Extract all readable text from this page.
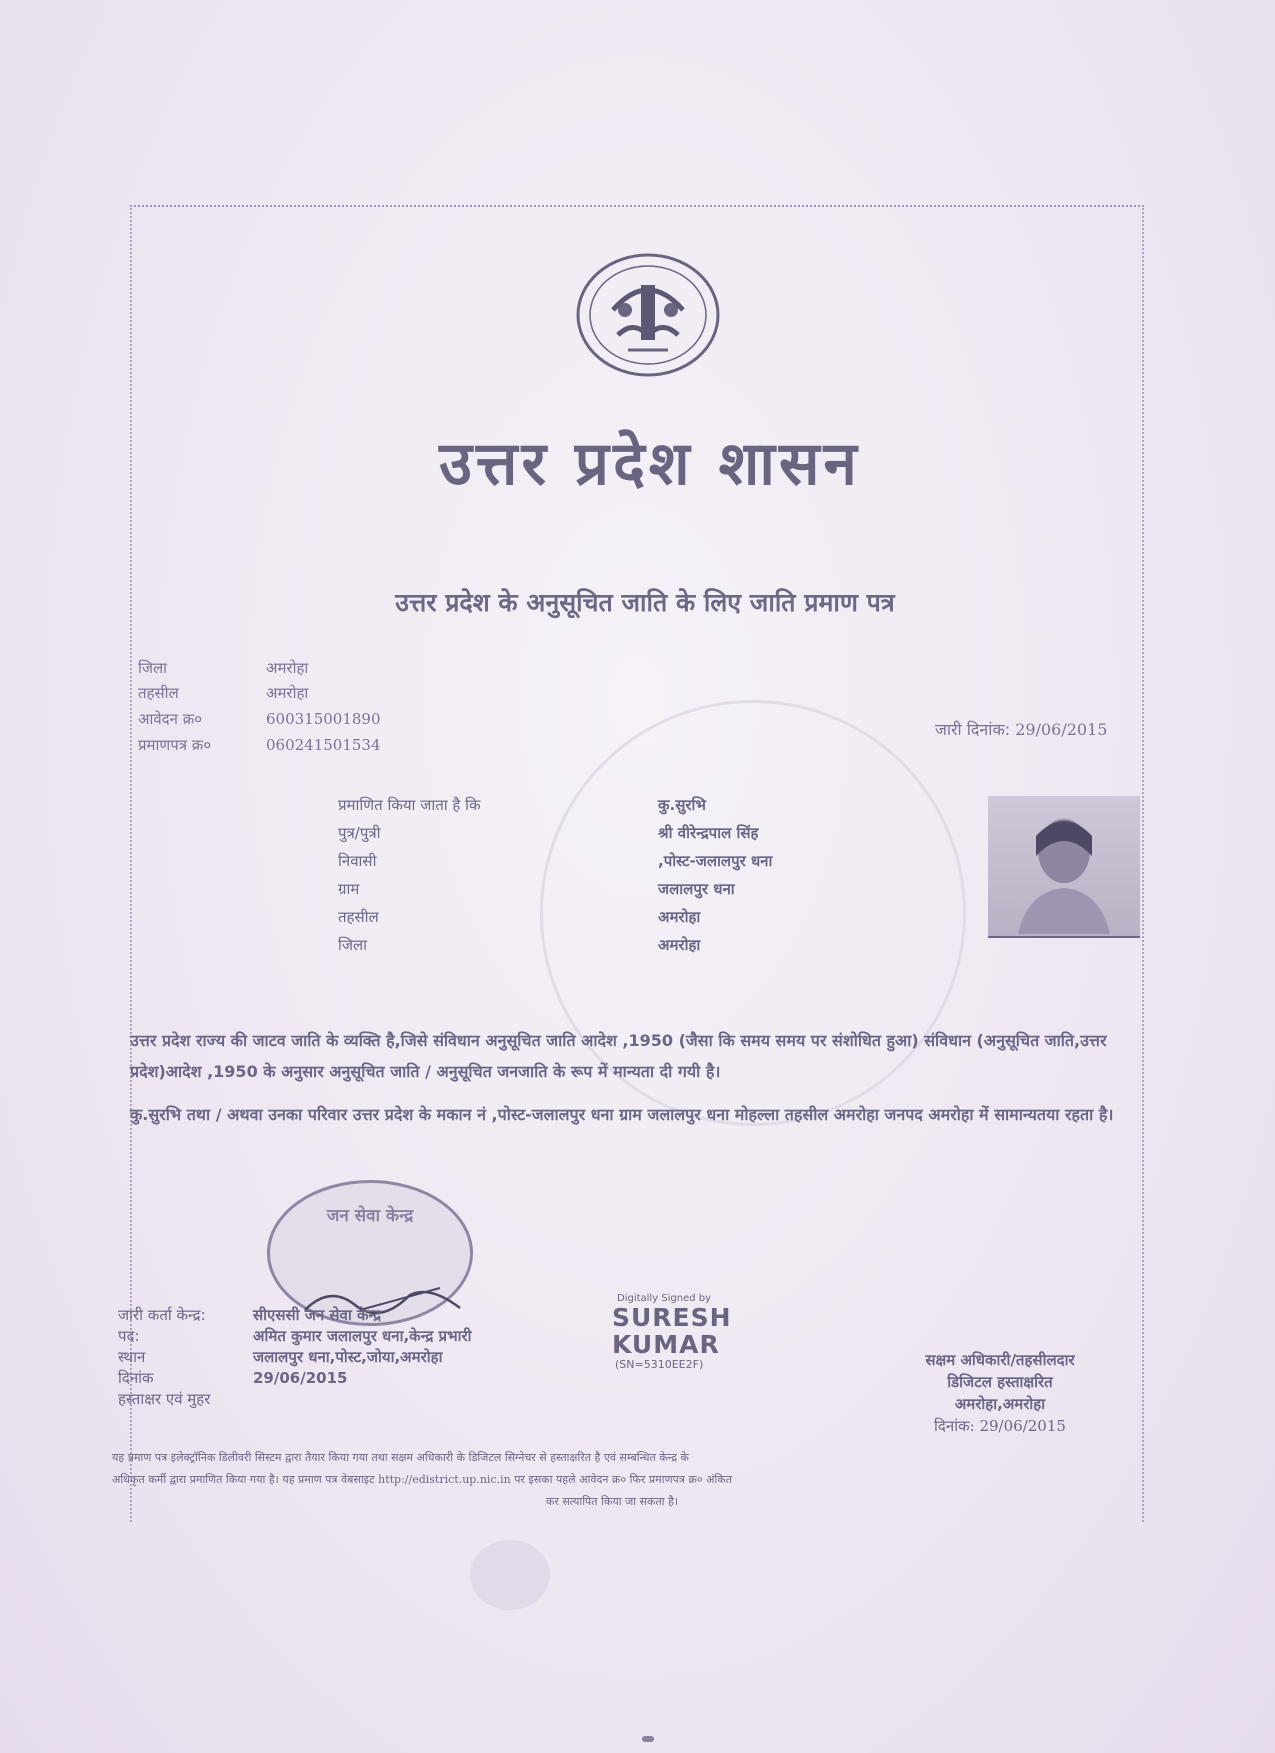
उत्तर प्रदेश शासन
उत्तर प्रदेश के अनुसूचित जाति के लिए जाति प्रमाण पत्र
जिला	अमरोहा
तहसील	अमरोहा
आवेदन क्र०	600315001890
प्रमाणपत्र क्र०	060241501534
जारी दिनांक: 29/06/2015
प्रमाणित किया जाता है कि	कु.सुरभि
पुत्र/पुत्री	श्री वीरेन्द्रपाल सिंह
निवासी	,पोस्ट-जलालपुर धना
ग्राम	जलालपुर धना
तहसील	अमरोहा
जिला	अमरोहा

उत्तर प्रदेश राज्य की जाटव जाति के व्यक्ति है,जिसे संविधान अनुसूचित जाति आदेश ,1950 (जैसा कि समय समय पर संशोधित हुआ) संविधान (अनुसूचित जाति,उत्तर प्रदेश)आदेश ,1950 के अनुसार अनुसूचित जाति / अनुसूचित जनजाति के रूप में मान्यता दी गयी है।

कु.सुरभि तथा / अथवा उनका परिवार उत्तर प्रदेश के मकान नं ,पोस्ट-जलालपुर धना ग्राम जलालपुर धना मोहल्ला तहसील अमरोहा जनपद अमरोहा में सामान्यतया रहता है।

जन सेवा केन्द्र
जारी कर्ता केन्द्र:	सीएससी जन सेवा केन्द्र
पद:	अमित कुमार जलालपुर धना,केन्द्र प्रभारी
स्थान	जलालपुर धना,पोस्ट,जोया,अमरोहा
दिनांक	29/06/2015
हस्ताक्षर एवं मुहर
Digitally Signed by
SURESH
KUMAR
(SN=5310EE2F)	सक्षम अधिकारी/तहसीलदार
डिजिटल हस्ताक्षरित
अमरोहा,अमरोहा
दिनांक: 29/06/2015

यह प्रमाण पत्र इलेक्ट्रॉनिक डिलीवरी सिस्टम द्वारा तैयार किया गया तथा सक्षम अधिकारी के डिजिटल सिग्नेचर से हस्ताक्षरित है एवं सम्बन्धित केन्द्र के

अधिकृत कर्मी द्वारा प्रमाणित किया गया है। यह प्रमाण पत्र वेबसाइट http://edistrict.up.nic.in पर इसका पहले आवेदन क्र० फिर प्रमाणपत्र क्र० अंकित

कर सत्यापित किया जा सकता है।
